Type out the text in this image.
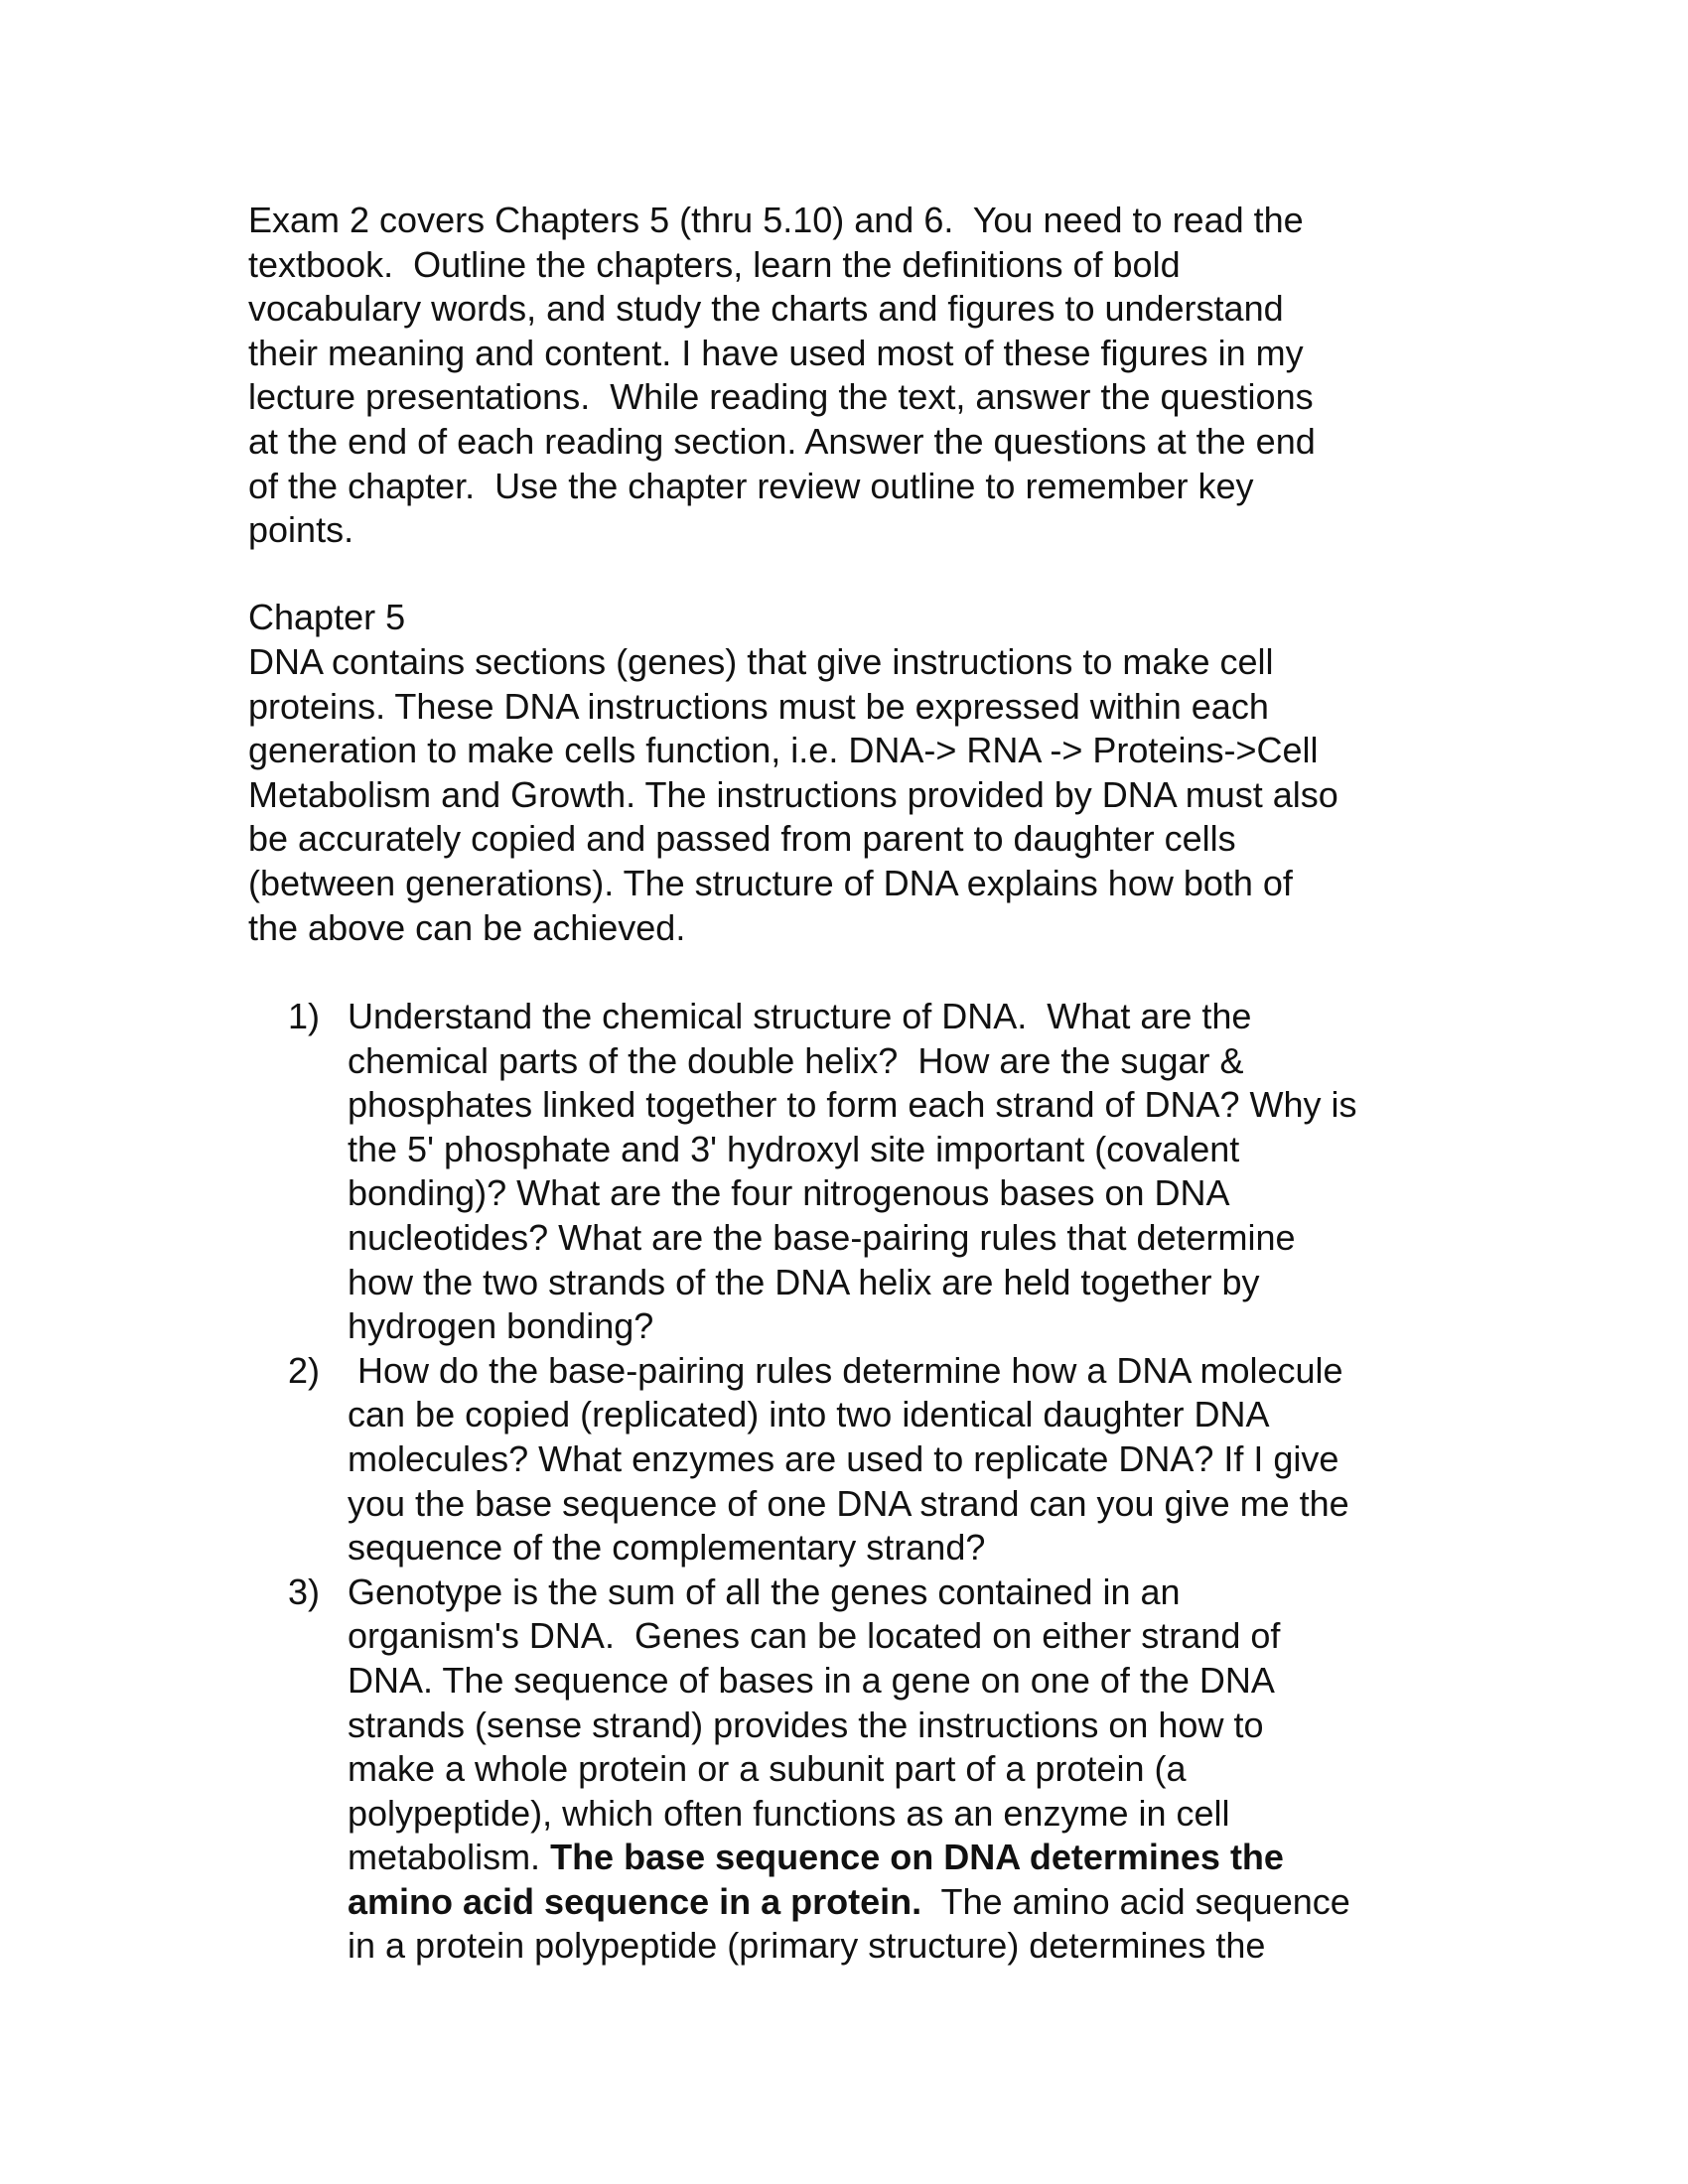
Exam 2 covers Chapters 5 (thru 5.10) and 6.  You need to read the
textbook.  Outline the chapters, learn the definitions of bold
vocabulary words, and study the charts and figures to understand
their meaning and content. I have used most of these figures in my
lecture presentations.  While reading the text, answer the questions
at the end of each reading section. Answer the questions at the end
of the chapter.  Use the chapter review outline to remember key
points.

Chapter 5

DNA contains sections (genes) that give instructions to make cell
proteins. These DNA instructions must be expressed within each
generation to make cells function, i.e. DNA-> RNA -> Proteins->Cell
Metabolism and Growth. The instructions provided by DNA must also
be accurately copied and passed from parent to daughter cells
(between generations). The structure of DNA explains how both of
the above can be achieved.

1) Understand the chemical structure of DNA.  What are the
chemical parts of the double helix?  How are the sugar &
phosphates linked together to form each strand of DNA? Why is
the 5' phosphate and 3' hydroxyl site important (covalent
bonding)? What are the four nitrogenous bases on DNA
nucleotides? What are the base-pairing rules that determine
how the two strands of the DNA helix are held together by
hydrogen bonding?
2) How do the base-pairing rules determine how a DNA molecule
can be copied (replicated) into two identical daughter DNA
molecules? What enzymes are used to replicate DNA? If I give
you the base sequence of one DNA strand can you give me the
sequence of the complementary strand?
3) Genotype is the sum of all the genes contained in an
organism's DNA.  Genes can be located on either strand of
DNA. The sequence of bases in a gene on one of the DNA
strands (sense strand) provides the instructions on how to
make a whole protein or a subunit part of a protein (a
polypeptide), which often functions as an enzyme in cell
metabolism. The base sequence on DNA determines the
amino acid sequence in a protein.  The amino acid sequence
in a protein polypeptide (primary structure) determines the
